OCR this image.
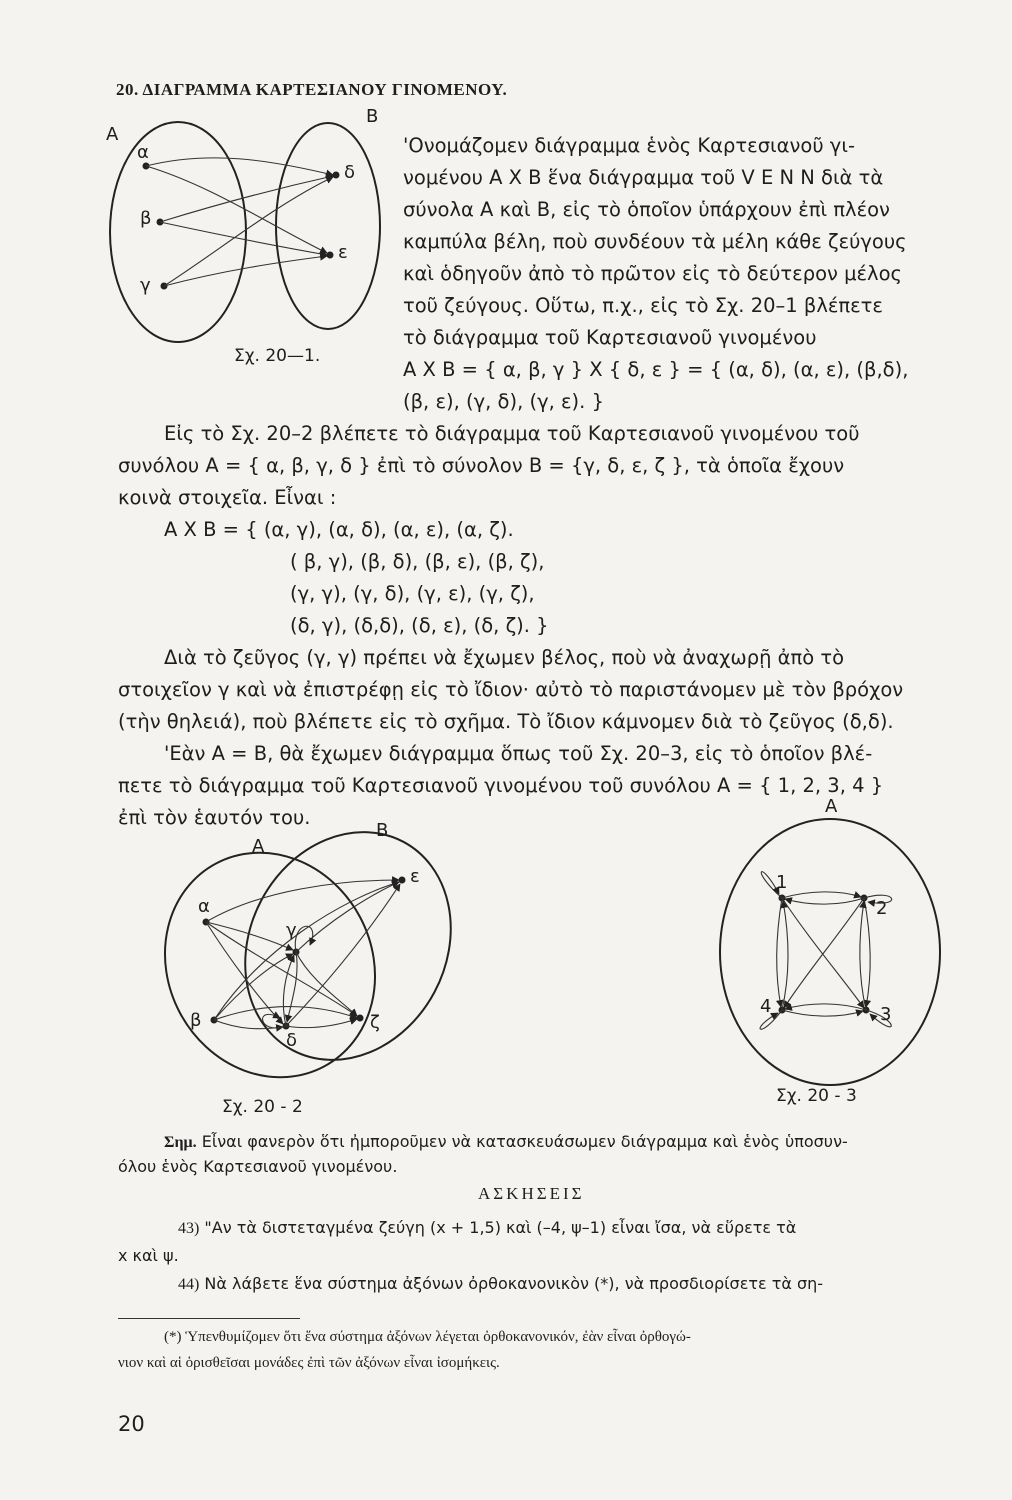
20. ΔΙΑΓΡΑΜΜΑ ΚΑΡΤΕΣΙΑΝΟΥ ΓΙΝΟΜΕΝΟΥ.
A
B
α
β
γ
δ
ε
Σχ. 20—1.
'Ονομάζομεν διάγραμμα ἑνὸς Καρτεσιανοῦ γι-
νομένου A X B ἕνα διάγραμμα τοῦ V E N N διὰ τὰ
σύνολα A καὶ B, εἰς τὸ ὁποῖον ὑπάρχουν ἐπὶ πλέον
καμπύλα βέλη, ποὺ συνδέουν τὰ μέλη κάθε ζεύγους
καὶ ὁδηγοῦν ἀπὸ τὸ πρῶτον εἰς τὸ δεύτερον μέλος
τοῦ ζεύγους. Οὕτω, π.χ., εἰς τὸ Σχ. 20–1 βλέπετε
τὸ διάγραμμα τοῦ Καρτεσιανοῦ γινομένου
A X B = { α, β, γ } X { δ, ε } = { (α, δ), (α, ε), (β,δ),
(β, ε), (γ, δ), (γ, ε). }
Εἰς τὸ Σχ. 20–2 βλέπετε τὸ διάγραμμα τοῦ Καρτεσιανοῦ γινομένου τοῦ
συνόλου A = { α, β, γ, δ } ἐπὶ τὸ σύνολον B = {γ, δ, ε, ζ }, τὰ ὁποῖα ἔχουν
κοινὰ στοιχεῖα. Εἶναι :
A X B = { (α, γ), (α, δ), (α, ε), (α, ζ).
( β, γ), (β, δ), (β, ε), (β, ζ),
(γ, γ), (γ, δ), (γ, ε), (γ, ζ),
(δ, γ), (δ,δ), (δ, ε), (δ, ζ). }
Διὰ τὸ ζεῦγος (γ, γ) πρέπει νὰ ἔχωμεν βέλος, ποὺ νὰ ἀναχωρῇ ἀπὸ τὸ
στοιχεῖον γ καὶ νὰ ἐπιστρέφῃ εἰς τὸ ἴδιον· αὐτὸ τὸ παριστάνομεν μὲ τὸν βρόχον
(τὴν θηλειά), ποὺ βλέπετε εἰς τὸ σχῆμα. Τὸ ἴδιον κάμνομεν διὰ τὸ ζεῦγος (δ,δ).
'Εὰν A = B, θὰ ἔχωμεν διάγραμμα ὅπως τοῦ Σχ. 20–3, εἰς τὸ ὁποῖον βλέ-
πετε τὸ διάγραμμα τοῦ Καρτεσιανοῦ γινομένου τοῦ συνόλου A = { 1, 2, 3, 4 }
ἐπὶ τὸν ἑαυτόν του.
A
B
α
β
γ
δ
ε
ζ
Σχ. 20 - 2
A
1
2
3
4
Σχ. 20 - 3
Σημ. Εἶναι φανερὸν ὅτι ἠμποροῦμεν νὰ κατασκευάσωμεν διάγραμμα καὶ ἑνὸς ὑποσυν-
όλου ἑνὸς Καρτεσιανοῦ γινομένου.
ΑΣΚΗΣΕΙΣ
43) "Αν τὰ διστεταγμένα ζεύγη (x + 1,5) καὶ (–4, ψ–1) εἶναι ἴσα, νὰ εὕρετε τὰ
x καὶ ψ.
44) Νὰ λάβετε ἕνα σύστημα ἀξόνων ὀρθοκανονικὸν (*), νὰ προσδιορίσετε τὰ ση-
(*) Ὑπενθυμίζομεν ὅτι ἕνα σύστημα ἀξόνων λέγεται ὀρθοκανονικόν, ἐὰν εἶναι ὀρθογώ-
νιον καὶ αἱ ὁρισθεῖσαι μονάδες ἐπὶ τῶν ἀξόνων εἶναι ἰσομήκεις.
20
